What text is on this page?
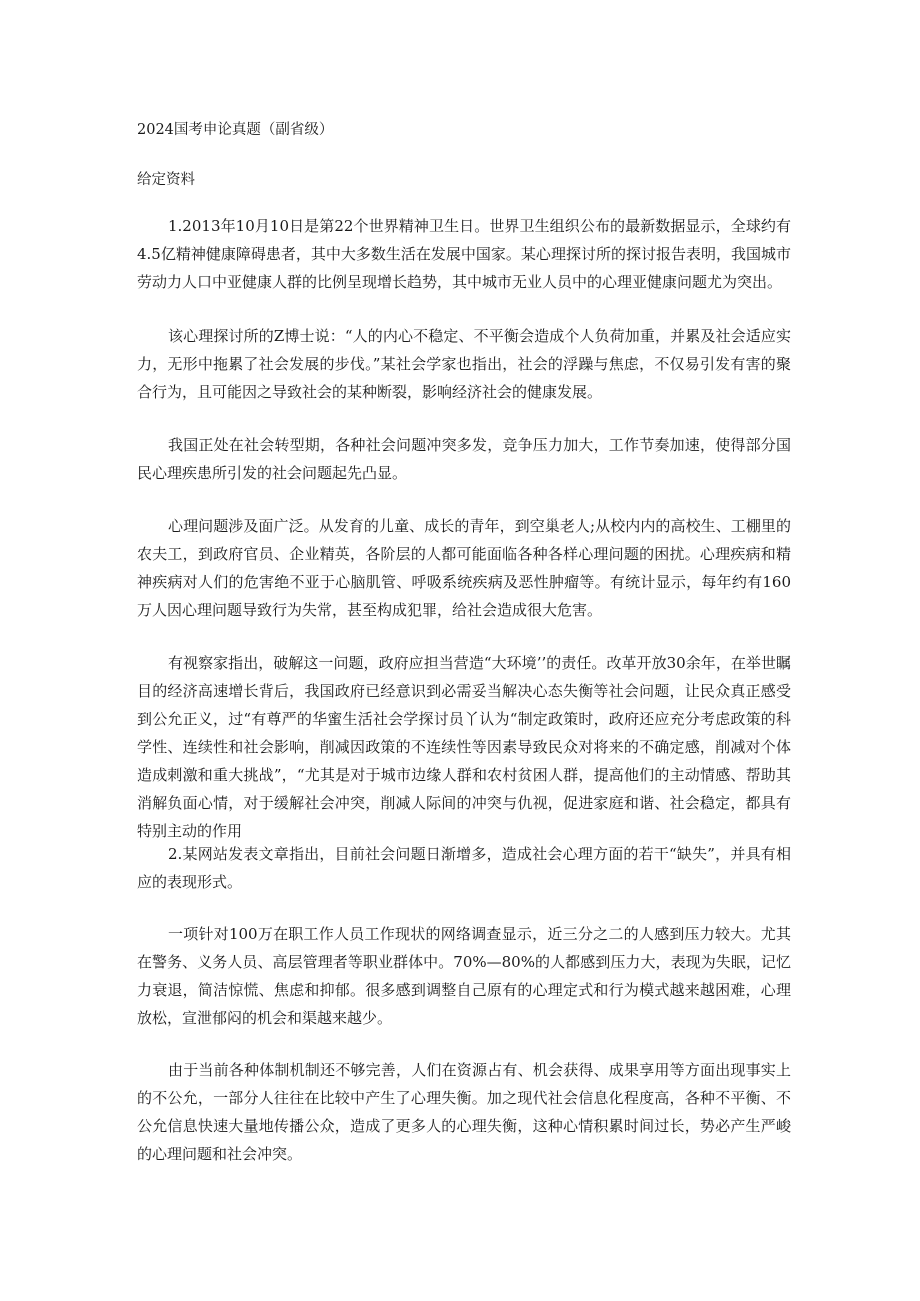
2024国考申论真题（副省级）
给定资料

1.2013年10月10日是第22个世界精神卫生日。世界卫生组织公布的最新数据显示，全球约有4.5亿精神健康障碍患者，其中大多数生活在发展中国家。某心理探讨所的探讨报告表明，我国城市劳动力人口中亚健康人群的比例呈现增长趋势，其中城市无业人员中的心理亚健康问题尤为突出。

该心理探讨所的Z博士说：“人的内心不稳定、不平衡会造成个人负荷加重，并累及社会适应实力，无形中拖累了社会发展的步伐。”某社会学家也指出，社会的浮躁与焦虑，不仅易引发有害的聚合行为，且可能因之导致社会的某种断裂，影响经济社会的健康发展。

我国正处在社会转型期，各种社会问题冲突多发，竞争压力加大，工作节奏加速，使得部分国民心理疾患所引发的社会问题起先凸显。

心理问题涉及面广泛。从发育的儿童、成长的青年，到空巢老人;从校内内的高校生、工棚里的农夫工，到政府官员、企业精英，各阶层的人都可能面临各种各样心理问题的困扰。心理疾病和精神疾病对人们的危害绝不亚于心脑肌管、呼吸系统疾病及恶性肿瘤等。有统计显示，每年约有160万人因心理问题导致行为失常，甚至构成犯罪，给社会造成很大危害。

有视察家指出，破解这一问题，政府应担当营造“大环境’’的责任。改革开放30余年，在举世瞩目的经济高速增长背后，我国政府已经意识到必需妥当解决心态失衡等社会问题，让民众真正感受到公允正义，过“有尊严的华蜜生活社会学探讨员丫认为“制定政策时，政府还应充分考虑政策的科学性、连续性和社会影响，削减因政策的不连续性等因素导致民众对将来的不确定感，削减对个体造成剌激和重大挑战”，“尤其是对于城市边缘人群和农村贫困人群，提高他们的主动情感、帮助其消解负面心情，对于缓解社会冲突，削减人际间的冲突与仇视，促进家庭和谐、社会稳定，都具有特别主动的作用

2.某网站发表文章指出，目前社会问题日渐增多，造成社会心理方面的若干“缺失”，并具有相应的表现形式。

一项针对100万在职工作人员工作现状的网络调查显示，近三分之二的人感到压力较大。尤其在警务、义务人员、高层管理者等职业群体中。70%—80%的人都感到压力大，表现为失眠，记忆力衰退，简洁惊慌、焦虑和抑郁。很多感到调整自己原有的心理定式和行为模式越来越困难，心理放松，宣泄郁闷的机会和渠越来越少。

由于当前各种体制机制还不够完善，人们在资源占有、机会获得、成果享用等方面出现事实上的不公允，一部分人往往在比较中产生了心理失衡。加之现代社会信息化程度高，各种不平衡、不公允信息快速大量地传播公众，造成了更多人的心理失衡，这种心情积累时间过长，势必产生严峻的心理问题和社会冲突。
